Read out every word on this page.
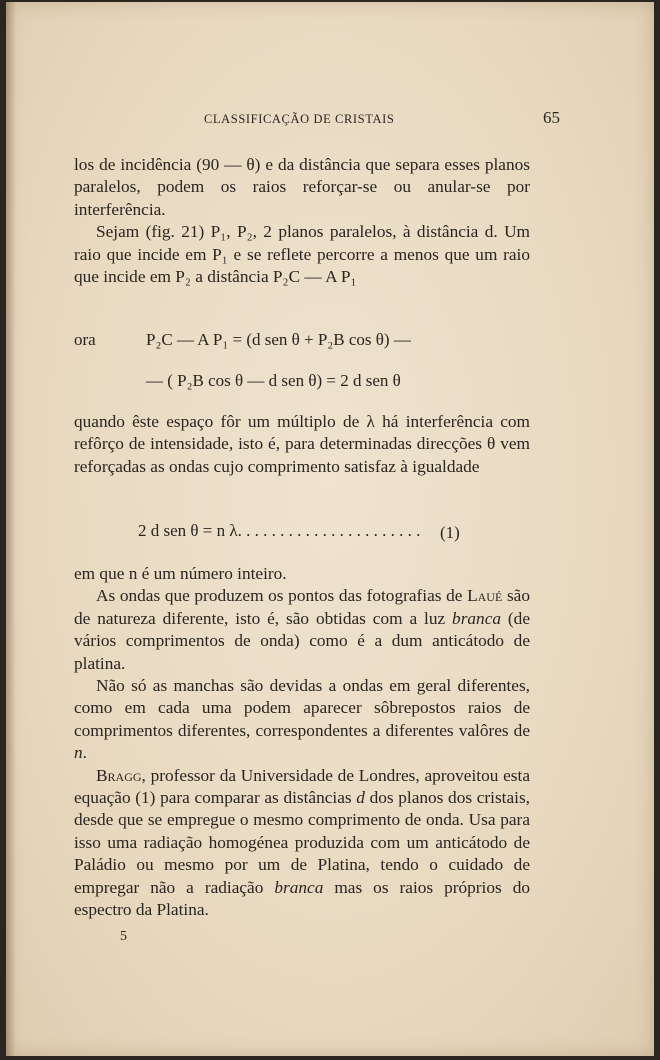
CLASSIFICAÇÃO DE CRISTAIS	65

los de incidência (90 — θ) e da distância que separa esses planos paralelos, podem os raios reforçar-se ou anular-se por interferência.

Sejam (fig. 21) P₁, P₂, 2 planos paralelos, à distância d. Um raio que incide em P₁ e se reflete percorre a menos que um raio que incide em P₂ a distância P₂C — A P₁

ora	P₂C — A P₁ = (d sen θ + P₂B cos θ) —
— ( P₂B cos θ — d sen θ) = 2 d sen θ

quando êste espaço fôr um múltiplo de λ há interferência com refôrço de intensidade, isto é, para determinadas direcções θ vem reforçadas as ondas cujo comprimento satisfaz à igualdade

2 d sen θ = n λ. . . . . . . . . . . . . . . . . . . . . . (1)

em que n é um número inteiro.

As ondas que produzem os pontos das fotografias de Laué são de natureza diferente, isto é, são obtidas com a luz branca (de vários comprimentos de onda) como é a dum anticátodo de platina.

Não só as manchas são devidas a ondas em geral diferentes, como em cada uma podem aparecer sôbrepostos raios de comprimentos diferentes, correspondentes a diferentes valôres de n.

Bragg, professor da Universidade de Londres, aproveitou esta equação (1) para comparar as distâncias d dos planos dos cristais, desde que se empregue o mesmo comprimento de onda. Usa para isso uma radiação homogénea produzida com um anticátodo de Paládio ou mesmo por um de Platina, tendo o cuidado de empregar não a radiação branca mas os raios próprios do espectro da Platina.

5
